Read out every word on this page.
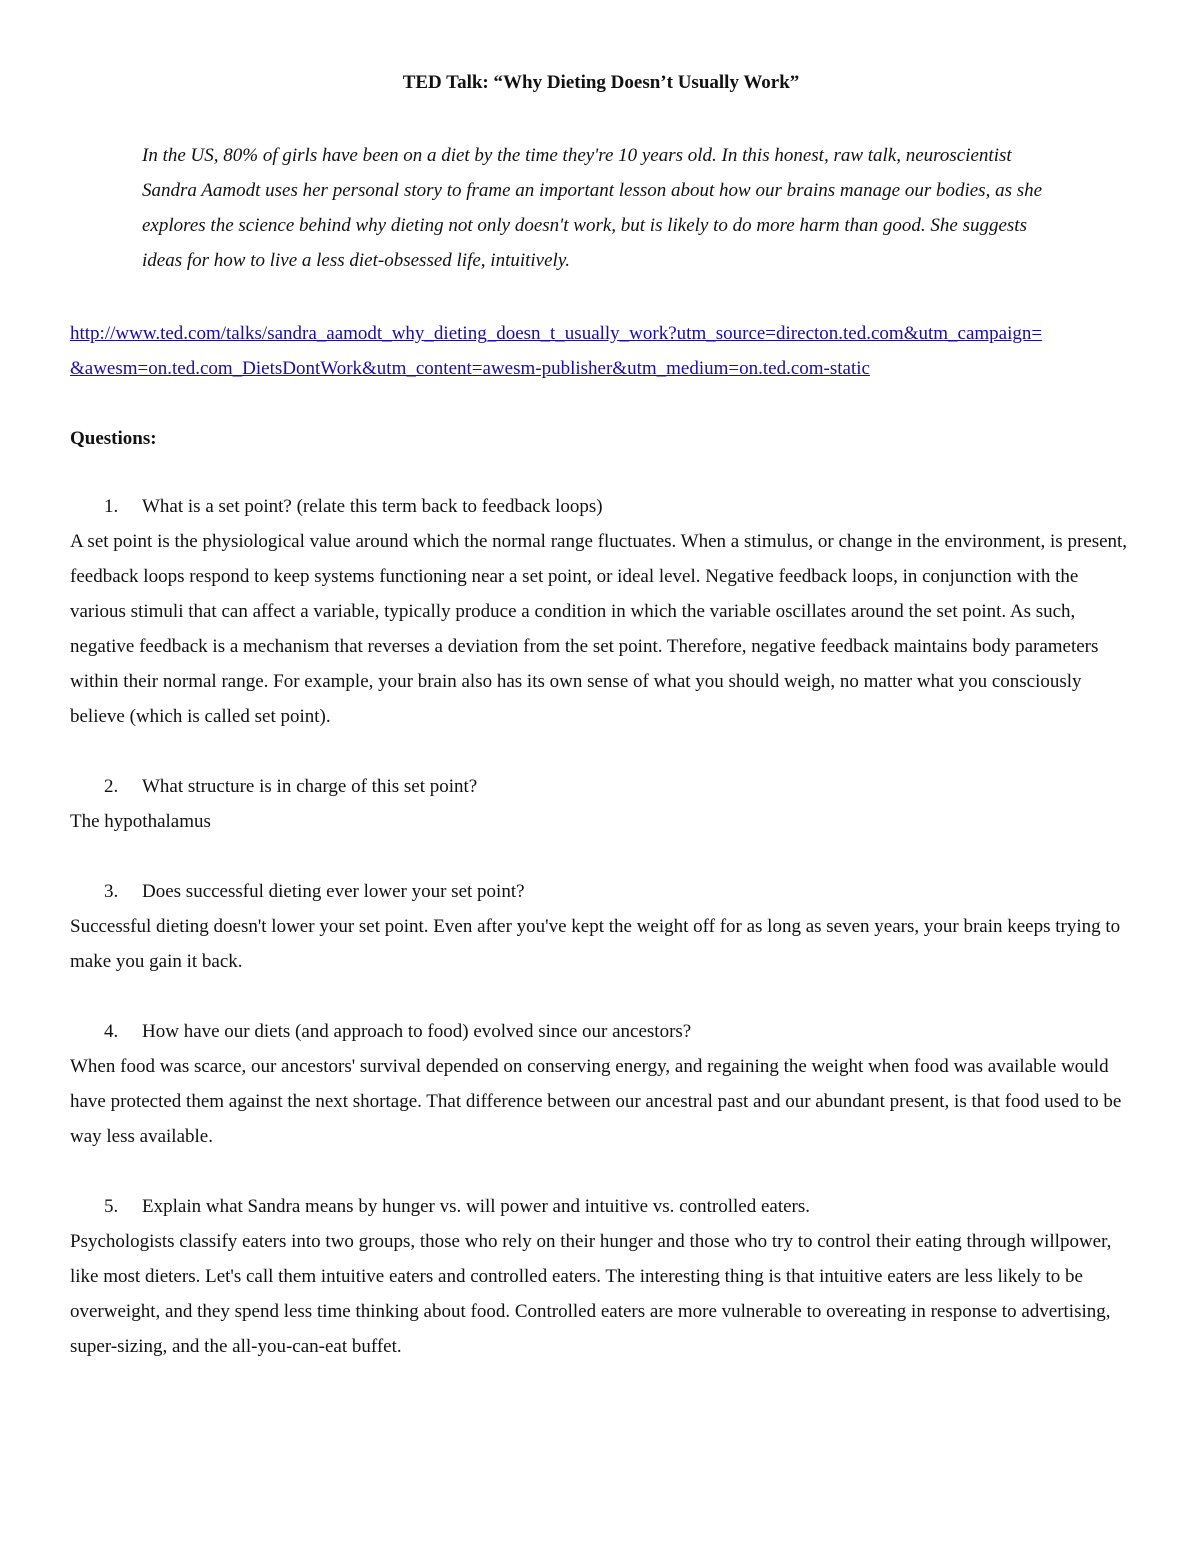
TED Talk: “Why Dieting Doesn’t Usually Work”
In the US, 80% of girls have been on a diet by the time they're 10 years old. In this honest, raw talk, neuroscientist Sandra Aamodt uses her personal story to frame an important lesson about how our brains manage our bodies, as she explores the science behind why dieting not only doesn't work, but is likely to do more harm than good. She suggests ideas for how to live a less diet-obsessed life, intuitively.
http://www.ted.com/talks/sandra_aamodt_why_dieting_doesn_t_usually_work?utm_source=directon.ted.com&utm_campaign=&awesm=on.ted.com_DietsDontWork&utm_content=awesm-publisher&utm_medium=on.ted.com-static
Questions:
1. What is a set point? (relate this term back to feedback loops)
A set point is the physiological value around which the normal range fluctuates. When a stimulus, or change in the environment, is present, feedback loops respond to keep systems functioning near a set point, or ideal level. Negative feedback loops, in conjunction with the various stimuli that can affect a variable, typically produce a condition in which the variable oscillates around the set point. As such, negative feedback is a mechanism that reverses a deviation from the set point. Therefore, negative feedback maintains body parameters within their normal range. For example, your brain also has its own sense of what you should weigh, no matter what you consciously believe (which is called set point).
2. What structure is in charge of this set point?
The hypothalamus
3. Does successful dieting ever lower your set point?
Successful dieting doesn't lower your set point. Even after you've kept the weight off for as long as seven years, your brain keeps trying to make you gain it back.
4. How have our diets (and approach to food) evolved since our ancestors?
When food was scarce, our ancestors' survival depended on conserving energy, and regaining the weight when food was available would have protected them against the next shortage. That difference between our ancestral past and our abundant present, is that food used to be way less available.
5. Explain what Sandra means by hunger vs. will power and intuitive vs. controlled eaters.
Psychologists classify eaters into two groups, those who rely on their hunger and those who try to control their eating through willpower, like most dieters. Let's call them intuitive eaters and controlled eaters. The interesting thing is that intuitive eaters are less likely to be overweight, and they spend less time thinking about food. Controlled eaters are more vulnerable to overeating in response to advertising, super-sizing, and the all-you-can-eat buffet.
